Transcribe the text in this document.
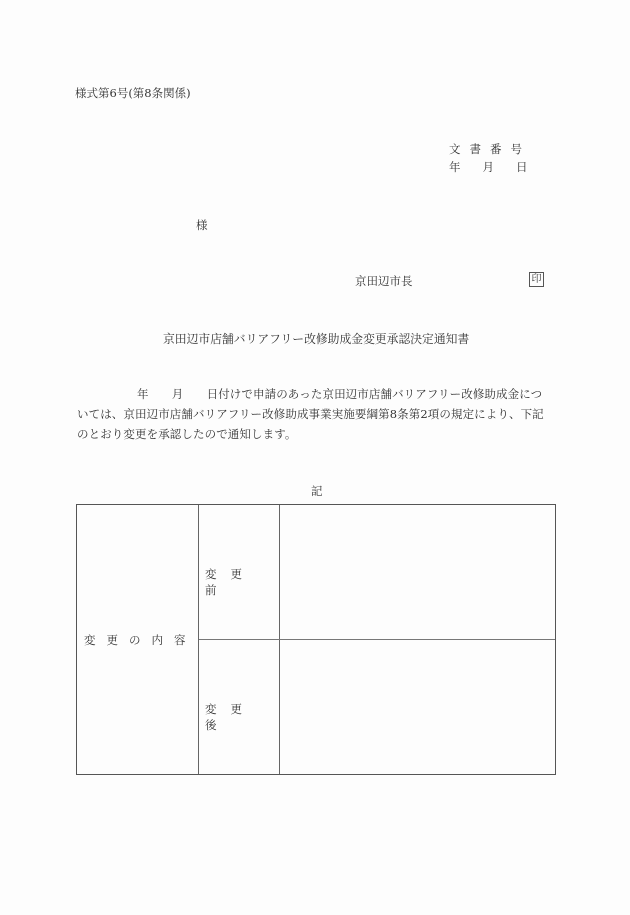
様式第6号(第8条関係)
文書番号
年 月 日
様
京田辺市長	印
京田辺市店舗バリアフリー改修助成金変更承認決定通知書
年　　月　　日付けで申請のあった京田辺市店舗バリアフリー改修助成金につ
いては、京田辺市店舗バリアフリー改修助成事業実施要綱第8条第2項の規定により、下記
のとおり変更を承認したので通知します。
記
変更の内容
変更前
変更後
